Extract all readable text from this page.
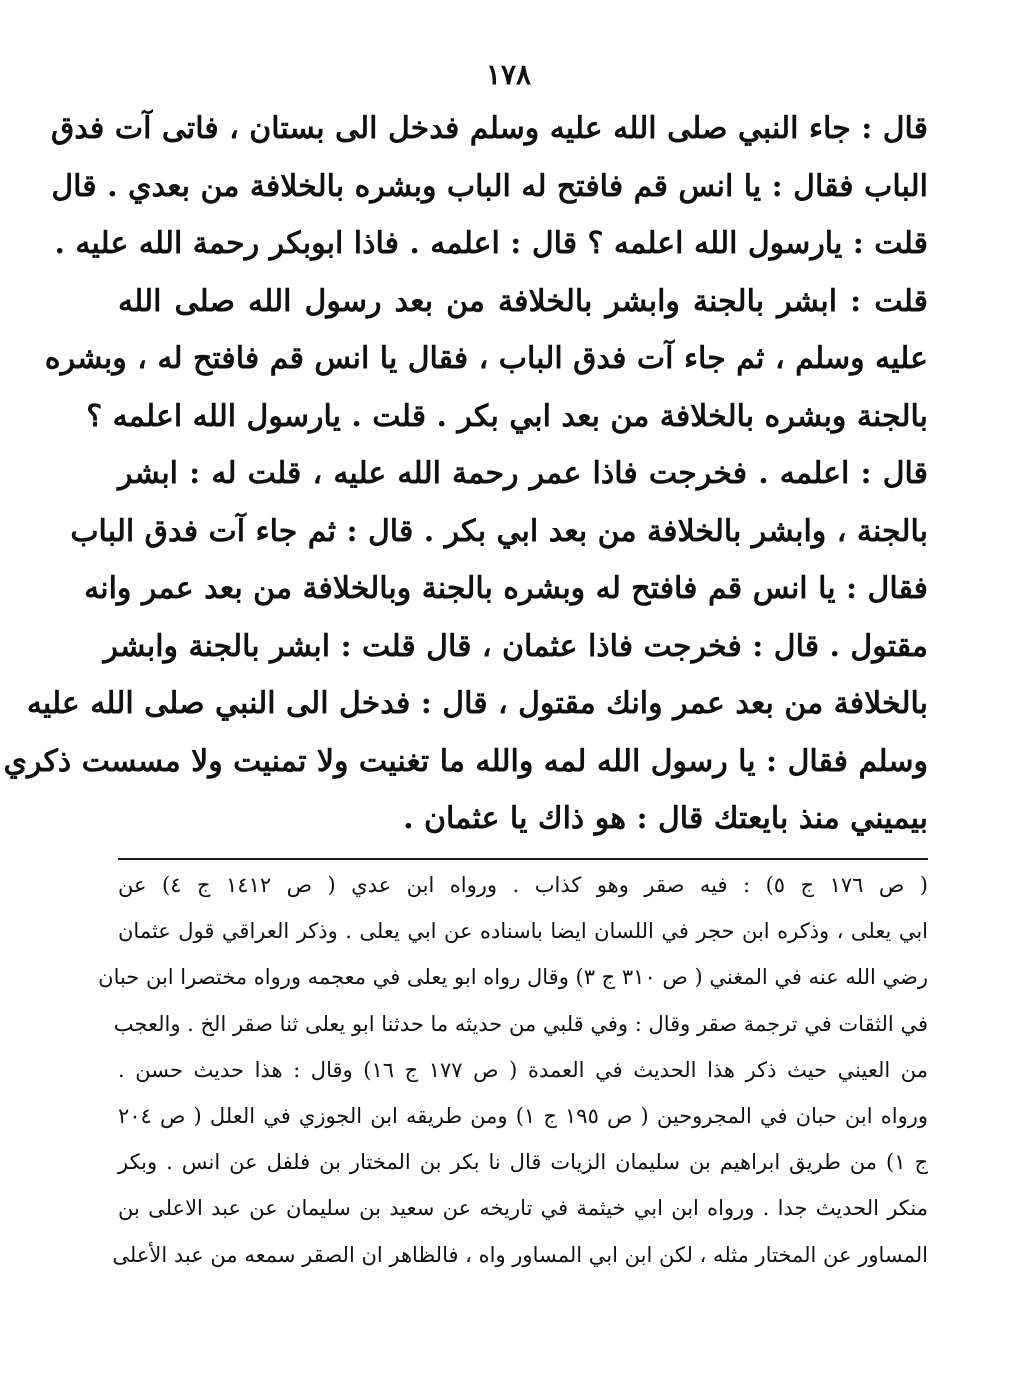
١٧٨
قال : جاء النبي صلى الله عليه وسلم فدخل الى بستان ، فاتى آت فدق
الباب فقال : يا انس قم فافتح له الباب وبشره بالخلافة من بعدي . قال
قلت : يارسول الله اعلمه ؟ قال : اعلمه . فاذا ابوبكر رحمة الله عليه .
قلت : ابشر بالجنة وابشر بالخلافة من بعد رسول الله صلى الله
عليه وسلم ، ثم جاء آت فدق الباب ، فقال يا انس قم فافتح له ، وبشره
بالجنة وبشره بالخلافة من بعد ابي بكر . قلت . يارسول الله اعلمه ؟
قال : اعلمه . فخرجت فاذا عمر رحمة الله عليه ، قلت له : ابشر
بالجنة ، وابشر بالخلافة من بعد ابي بكر . قال : ثم جاء آت فدق الباب
فقال : يا انس قم فافتح له وبشره بالجنة وبالخلافة من بعد عمر وانه
مقتول . قال : فخرجت فاذا عثمان ، قال قلت : ابشر بالجنة وابشر
بالخلافة من بعد عمر وانك مقتول ، قال : فدخل الى النبي صلى الله عليه
وسلم فقال : يا رسول الله لمه والله ما تغنيت ولا تمنيت ولا مسست ذكري
بيميني منذ بايعتك قال : هو ذاك يا عثمان .
( ص ١٧٦ ج ٥) : فيه صقر وهو كذاب . ورواه ابن عدي ( ص ١٤١٢ ج ٤) عن
ابي يعلى ، وذكره ابن حجر في اللسان ايضا باسناده عن ابي يعلى . وذكر العراقي قول عثمان
رضي الله عنه في المغني ( ص ٣١٠ ج ٣) وقال رواه ابو يعلى في معجمه ورواه مختصرا ابن حبان
في الثقات في ترجمة صقر وقال : وفي قلبي من حديثه ما حدثنا ابو يعلى ثنا صقر الخ . والعجب
من العيني حيث ذكر هذا الحديث في العمدة ( ص ١٧٧ ج ١٦) وقال : هذا حديث حسن .
ورواه ابن حبان في المجروحين ( ص ١٩٥ ج ١) ومن طريقه ابن الجوزي في العلل ( ص ٢٠٤
ج ١) من طريق ابراهيم بن سليمان الزيات قال نا بكر بن المختار بن فلفل عن انس . وبكر
منكر الحديث جدا . ورواه ابن ابي خيثمة في تاريخه عن سعيد بن سليمان عن عبد الاعلى بن
المساور عن المختار مثله ، لكن ابن ابي المساور واه ، فالظاهر ان الصقر سمعه من عبد الأعلى
